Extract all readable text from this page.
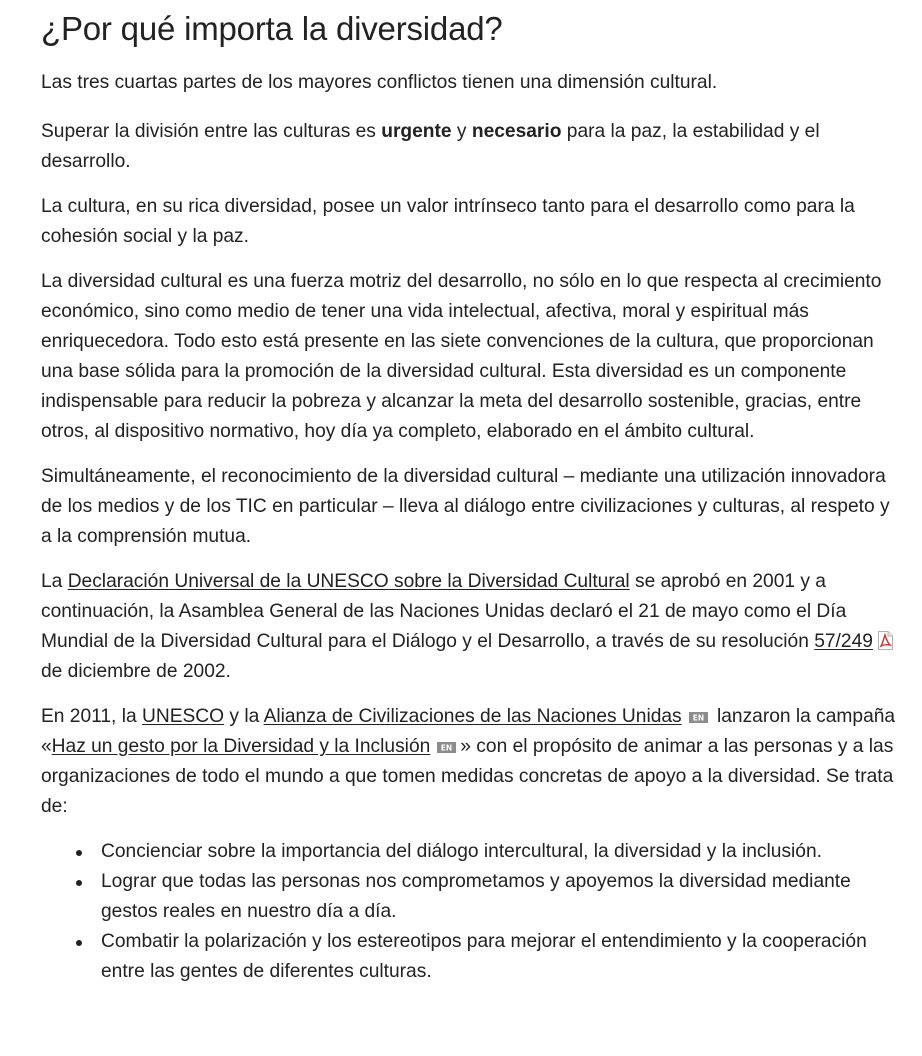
¿Por qué importa la diversidad?

Las tres cuartas partes de los mayores conflictos tienen una dimensión cultural.

Superar la división entre las culturas es urgente y necesario para la paz, la estabilidad y el desarrollo.

La cultura, en su rica diversidad, posee un valor intrínseco tanto para el desarrollo como para la cohesión social y la paz.

La diversidad cultural es una fuerza motriz del desarrollo, no sólo en lo que respecta al crecimiento económico, sino como medio de tener una vida intelectual, afectiva, moral y espiritual más enriquecedora. Todo esto está presente en las siete convenciones de la cultura, que proporcionan una base sólida para la promoción de la diversidad cultural. Esta diversidad es un componente indispensable para reducir la pobreza y alcanzar la meta del desarrollo sostenible, gracias, entre otros, al dispositivo normativo, hoy día ya completo, elaborado en el ámbito cultural.

Simultáneamente, el reconocimiento de la diversidad cultural – mediante una utilización innovadora de los medios y de los TIC en particular – lleva al diálogo entre civilizaciones y culturas, al respeto y a la comprensión mutua.

La Declaración Universal de la UNESCO sobre la Diversidad Cultural se aprobó en 2001 y a continuación, la Asamblea General de las Naciones Unidas declaró el 21 de mayo como el Día Mundial de la Diversidad Cultural para el Diálogo y el Desarrollo, a través de su resolución 57/249 de diciembre de 2002.

En 2011, la UNESCO y la Alianza de Civilizaciones de las Naciones Unidas EN lanzaron la campaña «Haz un gesto por la Diversidad y la Inclusión EN » con el propósito de animar a las personas y a las organizaciones de todo el mundo a que tomen medidas concretas de apoyo a la diversidad. Se trata de:

Concienciar sobre la importancia del diálogo intercultural, la diversidad y la inclusión.
Lograr que todas las personas nos comprometamos y apoyemos la diversidad mediante gestos reales en nuestro día a día.
Combatir la polarización y los estereotipos para mejorar el entendimiento y la cooperación entre las gentes de diferentes culturas.
